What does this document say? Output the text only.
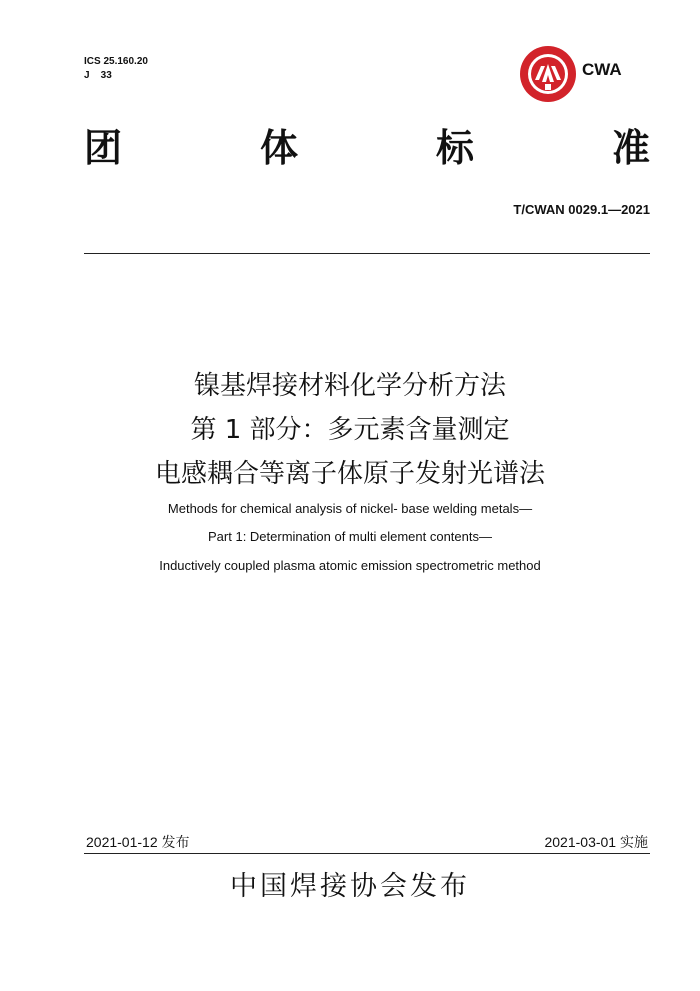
ICS 25.160.20
J    33	CWA
团	体	标	准
T/CWAN 0029.1—2021
镍基焊接材料化学分析方法
第 1 部分：多元素含量测定
电感耦合等离子体原子发射光谱法
Methods for chemical analysis of nickel- base welding metals—
Part 1: Determination of multi element contents—
Inductively coupled plasma atomic emission spectrometric method
2021-01-12 发布	2021-03-01 实施
中国焊接协会发布
